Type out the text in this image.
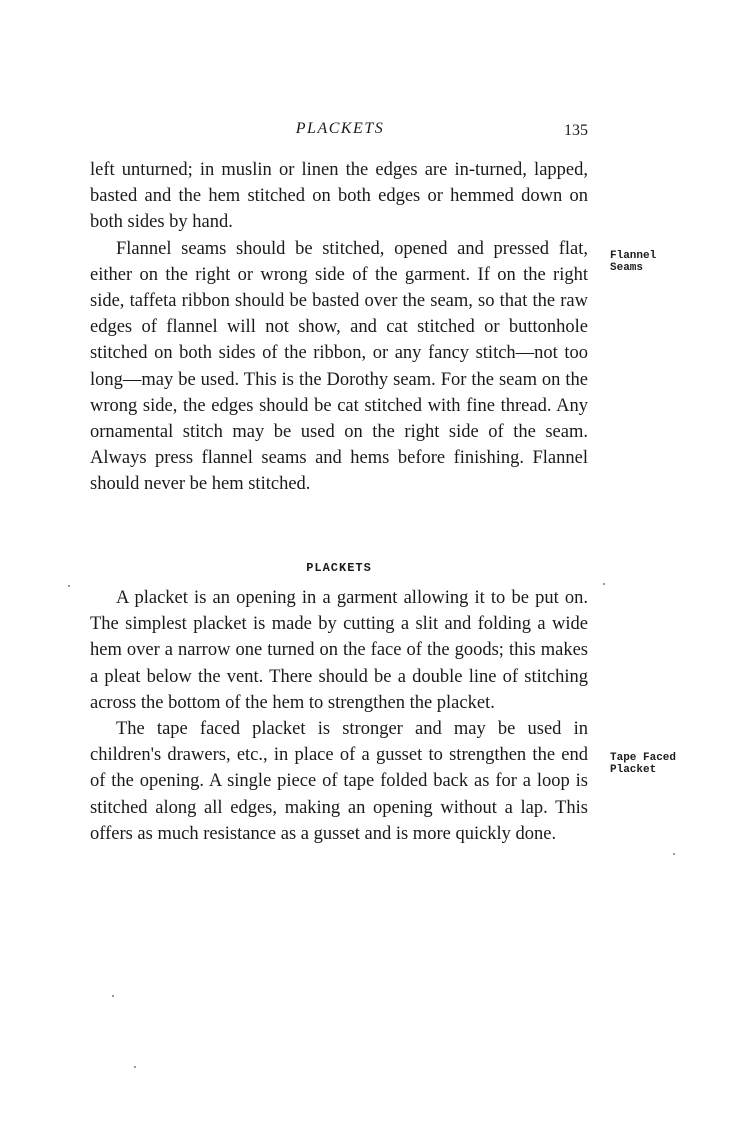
PLACKETS	135

left unturned; in muslin or linen the edges are in-turned, lapped, basted and the hem stitched on both edges or hemmed down on both sides by hand.

Flannel seams should be stitched, opened and pressed flat, either on the right or wrong side of the garment. If on the right side, taffeta ribbon should be basted over the seam, so that the raw edges of flannel will not show, and cat stitched or buttonhole stitched on both sides of the ribbon, or any fancy stitch—not too long—may be used. This is the Dorothy seam. For the seam on the wrong side, the edges should be cat stitched with fine thread. Any ornamental stitch may be used on the right side of the seam. Always press flannel seams and hems before finishing. Flannel should never be hem stitched.

Flannel
Seams
PLACKETS

A placket is an opening in a garment allowing it to be put on. The simplest placket is made by cutting a slit and folding a wide hem over a narrow one turned on the face of the goods; this makes a pleat below the vent. There should be a double line of stitching across the bottom of the hem to strengthen the placket.

The tape faced placket is stronger and may be used in children's drawers, etc., in place of a gusset to strengthen the end of the opening. A single piece of tape folded back as for a loop is stitched along all edges, making an opening without a lap. This offers as much resistance as a gusset and is more quickly done.

Tape Faced
Placket
